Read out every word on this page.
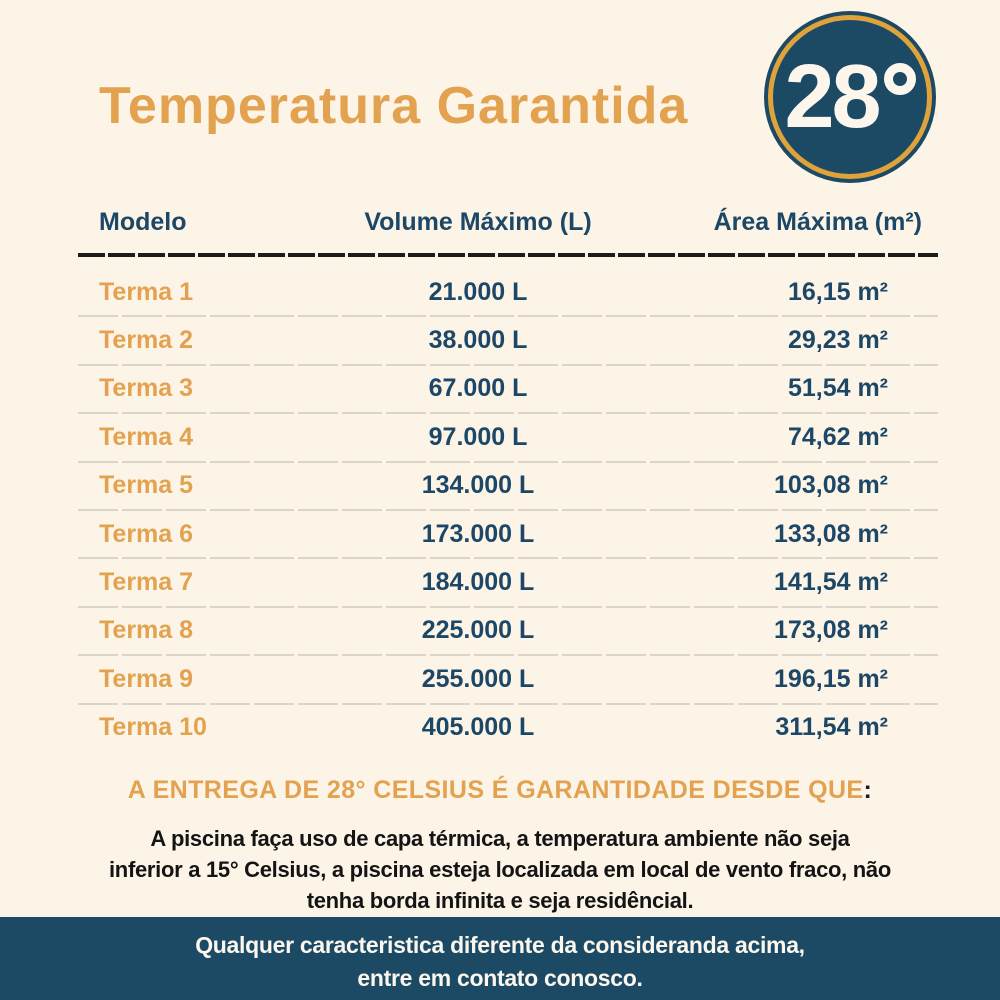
Temperatura Garantida 28
Modelo	Volume Máximo (L)	Área Máxima (m²)
Terma 1	21.000 L	16,15 m²
Terma 2	38.000 L	29,23 m²
Terma 3	67.000 L	51,54 m²
Terma 4	97.000 L	74,62 m²
Terma 5	134.000 L	103,08 m²
Terma 6	173.000 L	133,08 m²
Terma 7	184.000 L	141,54 m²
Terma 8	225.000 L	173,08 m²
Terma 9	255.000 L	196,15 m²
Terma 10	405.000 L	311,54 m²
A ENTREGA DE 28° CELSIUS É GARANTIDADE DESDE QUE:
A piscina faça uso de capa térmica, a temperatura ambiente não seja
inferior a 15° Celsius, a piscina esteja localizada em local de vento fraco, não
tenha borda infinita e seja residêncial.
Qualquer caracteristica diferente da consideranda acima,
entre em contato conosco.
